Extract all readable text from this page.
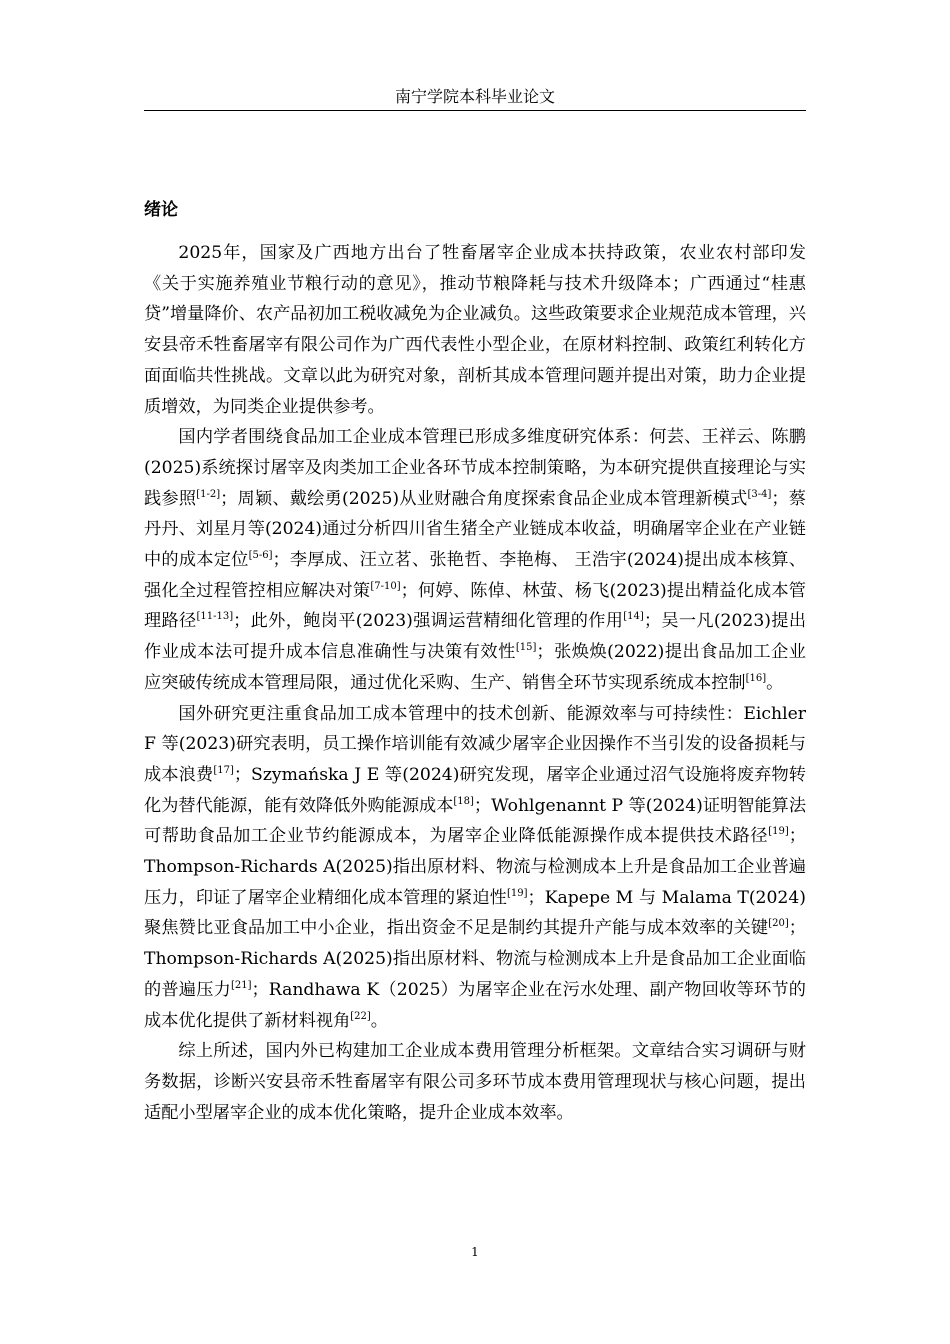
南宁学院本科毕业论文
绪论

2025年，国家及广西地方出台了牲畜屠宰企业成本扶持政策，农业农村部印发《关于实施养殖业节粮行动的意见》，推动节粮降耗与技术升级降本；广西通过“桂惠贷”增量降价、农产品初加工税收减免为企业减负。这些政策要求企业规范成本管理，兴安县帝禾牲畜屠宰有限公司作为广西代表性小型企业，在原材料控制、政策红利转化方面面临共性挑战。文章以此为研究对象，剖析其成本管理问题并提出对策，助力企业提质增效，为同类企业提供参考。

国内学者围绕食品加工企业成本管理已形成多维度研究体系：何芸、王祥云、陈鹏(2025)系统探讨屠宰及肉类加工企业各环节成本控制策略，为本研究提供直接理论与实践参照[1-2]；周颖、戴绘勇(2025)从业财融合角度探索食品企业成本管理新模式[3-4]；蔡丹丹、刘星月等(2024)通过分析四川省生猪全产业链成本收益，明确屠宰企业在产业链中的成本定位[5-6]；李厚成、汪立茗、张艳哲、李艳梅、 王浩宇(2024)提出成本核算、强化全过程管控相应解决对策[7-10]；何婷、陈倬、林萤、杨飞(2023)提出精益化成本管理路径[11-13]；此外，鲍岗平(2023)强调运营精细化管理的作用[14]；吴一凡(2023)提出作业成本法可提升成本信息准确性与决策有效性[15]；张焕焕(2022)提出食品加工企业应突破传统成本管理局限，通过优化采购、生产、销售全环节实现系统成本控制[16]。

国外研究更注重食品加工成本管理中的技术创新、能源效率与可持续性：Eichler F 等(2023)研究表明，员工操作培训能有效减少屠宰企业因操作不当引发的设备损耗与成本浪费[17]；Szymańska J E 等(2024)研究发现，屠宰企业通过沼气设施将废弃物转化为替代能源，能有效降低外购能源成本[18]；Wohlgenannt P 等(2024)证明智能算法可帮助食品加工企业节约能源成本，为屠宰企业降低能源操作成本提供技术路径[19]；Thompson-Richards A(2025)指出原材料、物流与检测成本上升是食品加工企业普遍压力，印证了屠宰企业精细化成本管理的紧迫性[19]；Kapepe M 与 Malama T(2024)聚焦赞比亚食品加工中小企业，指出资金不足是制约其提升产能与成本效率的关键[20]；Thompson-Richards A(2025)指出原材料、物流与检测成本上升是食品加工企业面临的普遍压力[21]；Randhawa K（2025）为屠宰企业在污水处理、副产物回收等环节的成本优化提供了新材料视角[22]。

综上所述，国内外已构建加工企业成本费用管理分析框架。文章结合实习调研与财务数据，诊断兴安县帝禾牲畜屠宰有限公司多环节成本费用管理现状与核心问题，提出适配小型屠宰企业的成本优化策略，提升企业成本效率。

1
